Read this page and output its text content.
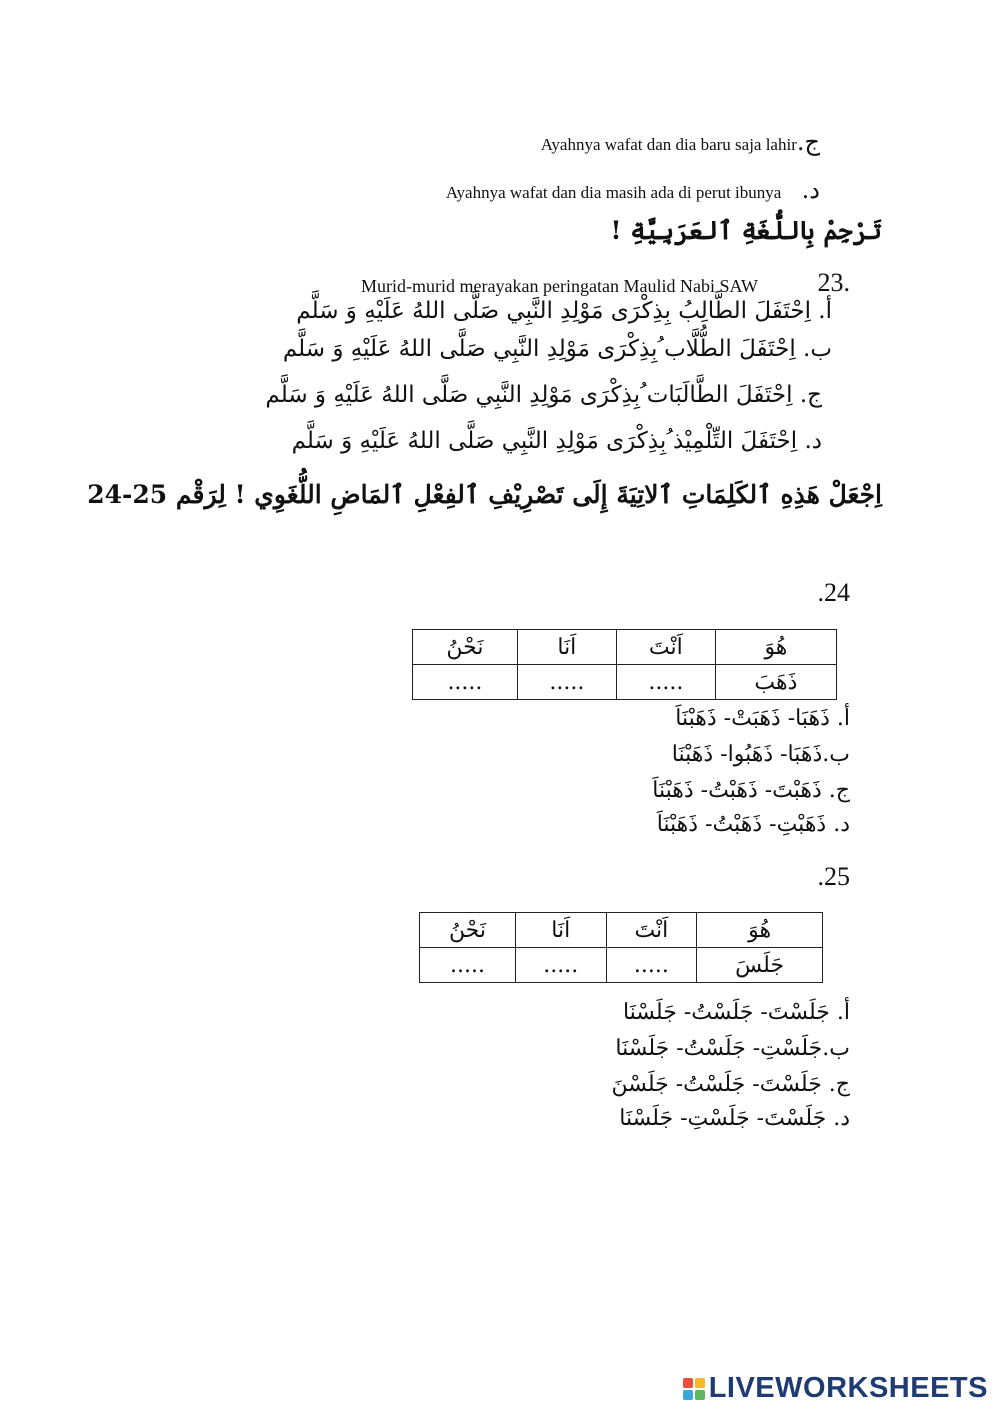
Ayahnya wafat dan dia baru saja lahirج.
Ayahnya wafat dan dia masih ada di perut ibunya د.
تَرْجِمْ بِاللُّغَةِ ٱلعَرَبِيَّةِ !
23.
Murid-murid merayakan peringatan Maulid Nabi SAW
أ. اِحْتَفَلَ الطَّالِبُ بِذِكْرَى مَوْلِدِ النَّبِي صَلَّى اللهُ عَلَيْهِ وَ سَلَّم
ب. اِحْتَفَلَ الطُّلَّاب ُبِذِكْرَى مَوْلِدِ النَّبِي صَلَّى اللهُ عَلَيْهِ وَ سَلَّم
ج. اِحْتَفَلَ الطَّالَبَات ُبِذِكْرَى مَوْلِدِ النَّبِي صَلَّى اللهُ عَلَيْهِ وَ سَلَّم
د. اِحْتَفَلَ التِّلْمِيْذ ُبِذِكْرَى مَوْلِدِ النَّبِي صَلَّى اللهُ عَلَيْهِ وَ سَلَّم
اِجْعَلْ هَذِهِ ٱلكَلِمَاتِ ٱلاتِيَةَ إِلَى تَصْرِيْفِ ٱلفِعْلِ ٱلمَاضِ اللُّغَوِي ! لِرَقْم 25-24
.24
هُوَ	اَنْتَ	اَنَا	نَحْنُ
ذَهَبَ	.....	.....	.....
أ. ذَهَبَا- ذَهَبَتْ- ذَهَبْنَاَ
ب.ذَهَبَا- ذَهَبُوا- ذَهَبْنَا
ج. ذَهَبْتَ- ذَهَبْتُ- ذَهَبْنَاَ
د. ذَهَبْتِ- ذَهَبْتُ- ذَهَبْنَاَ
.25
هُوَ	اَنْتَ	اَنَا	نَحْنُ
جَلَسَ	.....	.....	.....
أ. جَلَسْتَ- جَلَسْتُ- جَلَسْنَا
ب.جَلَسْتِ- جَلَسْتُ- جَلَسْنَا
ج. جَلَسْتَ- جَلَسْتُ- جَلَسْنَ
د. جَلَسْتَ- جَلَسْتِ- جَلَسْنَا
LIVEWORKSHEETS
